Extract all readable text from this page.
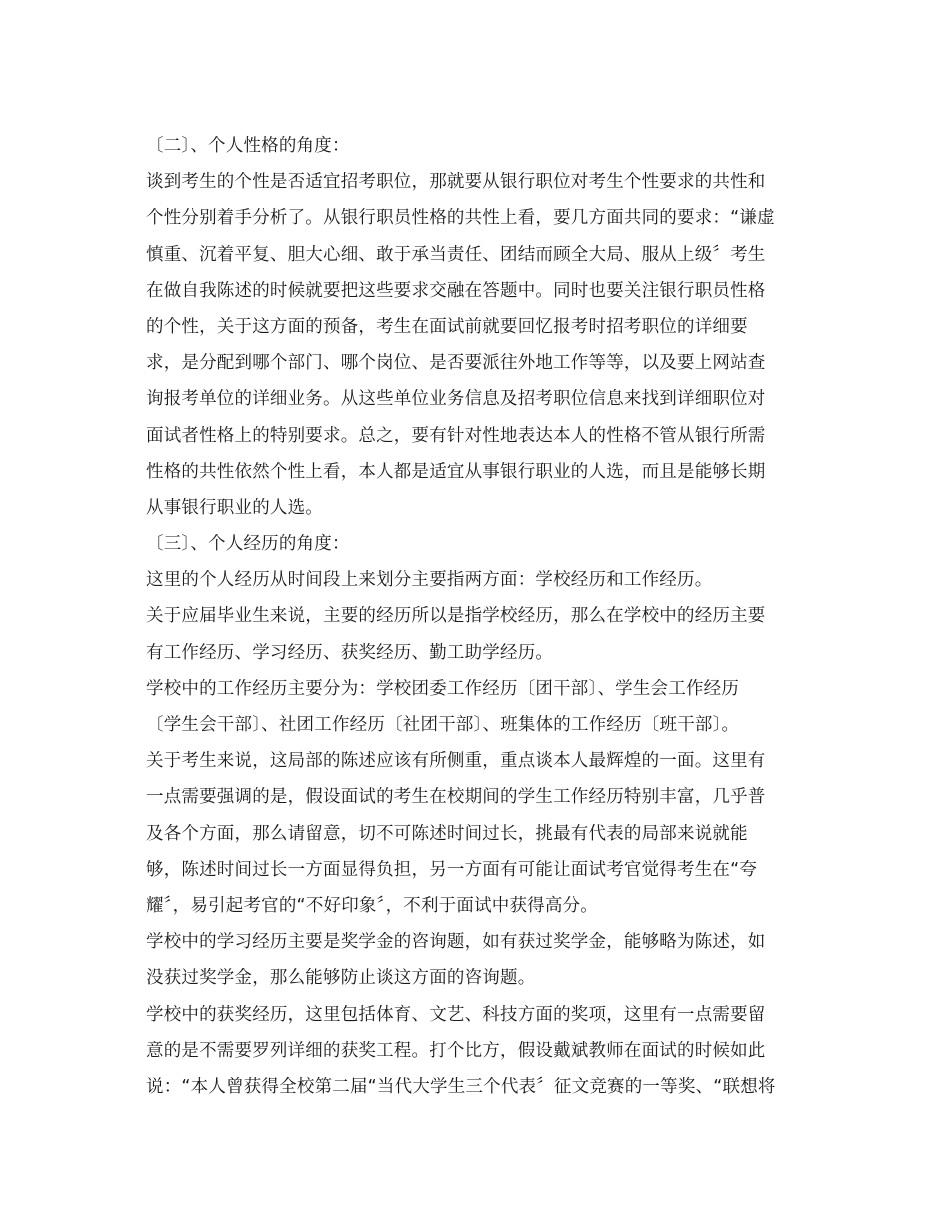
〔二〕、个人性格的角度：
谈到考生的个性是否适宜招考职位，那就要从银行职位对考生个性要求的共性和
个性分别着手分析了。从银行职员性格的共性上看，要几方面共同的要求：“谦虚
慎重、沉着平复、胆大心细、敢于承当责任、团结而顾全大局、服从上级〞考生
在做自我陈述的时候就要把这些要求交融在答题中。同时也要关注银行职员性格
的个性，关于这方面的预备，考生在面试前就要回忆报考时招考职位的详细要
求，是分配到哪个部门、哪个岗位、是否要派往外地工作等等，以及要上网站查
询报考单位的详细业务。从这些单位业务信息及招考职位信息来找到详细职位对
面试者性格上的特别要求。总之，要有针对性地表达本人的性格不管从银行所需
性格的共性依然个性上看，本人都是适宜从事银行职业的人选，而且是能够长期
从事银行职业的人选。
〔三〕、个人经历的角度：
这里的个人经历从时间段上来划分主要指两方面：学校经历和工作经历。
关于应届毕业生来说，主要的经历所以是指学校经历，那么在学校中的经历主要
有工作经历、学习经历、获奖经历、勤工助学经历。
学校中的工作经历主要分为：学校团委工作经历〔团干部〕、学生会工作经历
〔学生会干部〕、社团工作经历〔社团干部〕、班集体的工作经历〔班干部〕。
关于考生来说，这局部的陈述应该有所侧重，重点谈本人最辉煌的一面。这里有
一点需要强调的是，假设面试的考生在校期间的学生工作经历特别丰富，几乎普
及各个方面，那么请留意，切不可陈述时间过长，挑最有代表的局部来说就能
够，陈述时间过长一方面显得负担，另一方面有可能让面试考官觉得考生在“夸
耀〞，易引起考官的“不好印象〞，不利于面试中获得高分。
学校中的学习经历主要是奖学金的咨询题，如有获过奖学金，能够略为陈述，如
没获过奖学金，那么能够防止谈这方面的咨询题。
学校中的获奖经历，这里包括体育、文艺、科技方面的奖项，这里有一点需要留
意的是不需要罗列详细的获奖工程。打个比方，假设戴斌教师在面试的时候如此
说：“本人曾获得全校第二届“当代大学生三个代表〞征文竞赛的一等奖、“联想将
